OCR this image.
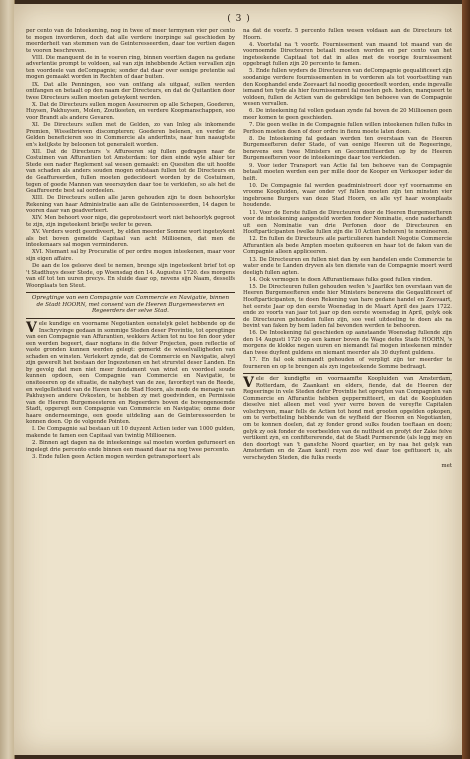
( 3 )

per cento van de Inteekening, nog in twee of meer termynen vier per cento te mogen invorderen, doch dat alle verdere inorpinge sal geschieden by meerderheit van stemmen van de Geinteresseerden, daar toe vertien dagen te vooren beschreven.

VIII. Die manquent de in te voeren ring, binnen veertien dagen na gedane advertentie prompt te voldoen, sal van zijn inhebbende Actien vervallen zijn ten voordeele van deCompagnie; sonder dat daar over eenige pretentie sal mogen gemaakt worden in Rechten of daar buiten.

IX. Dat alle Penningen, soo van ontfang als uitgaaf, sullen werden ontfangen en betaalt op den naam der Directeurs, en dat de Quitantien door twee Directeurs sullen moeten geteykent werden.

X. Dat de Directeurs sullen mogen Assureeren op alle Schepen, Goederen, Huysen, Pakhuysen, Molen, Zoutkeeten, en verdere Koopmanschappen, soo voor Brandt als andere Gevaren.

XI. De Directeurs sullen met de Gelden, zo van Inleg als inkomende Premien, Wisselbrieven discompteren; Goederen belenen, en verder de Gelden beneficieren soo in Commercie als anderfints, naar hun naaugtste en's kelijkste by beloonen tot generaleit worden.

XII. Dat de Directeurs 's Affureeren sig fullen gedragen naar de Costuimen van Affurantien tot Amsterdam: tor dien einde wyle alhier ter Stede een nader Reglement sal wesen gemaakt: en Quesiten die uit hoofde van schaden als anders souden mogen ontstaan fullen tot de Directeurs en de Geaffureerden, fullen moeten gedecideert worden by de Costuimen, tegen of goede Mannen van weerszyden daar toe te verkiefen, so als het de Geaffureerde best sal oordeelen.

XIII. De Directeurs sullen alle jaren gehouden zijn te doen behoorlyke Rekening van haar Administratie aan alle de Geinteresseerden, 14 dagen te vooren daar van geadverteert.

XIV. Men behoort voor nige, die geprotesteert wort niet behoorlyk gegroot te zijn, zijn ingeteekent briefje wefer te geven.

XV. Verders wordt geordiveert, by elden meerder Somme wort ingeteykent als bet boven gemelde Capitaal van acht Millioenen, dat men de inteekenaars sal mogen verminderen.

XVI. Niemant sal by Procuratie of per ordre mogen inteekenen, maar voor sijn eigen affaire.

De aan de los geleeve deel te nemen, brenge sijn ingeteekent brief tot op 't Stadthuys deser Stede, op Woensdag den 14. Augustus 1720. des morgens van elf tot ten uuren precys. En sluide daar op, nevens sijn Naam, desselfs Woonplaats ten Steut.

Opregtinge van een Compagnie van Commercie en Navigatie, binnen de Stadt HOORN, met consent van de Heeren Burgemeesteren en Regeerders der selve Stad.

Vele kundige en voorname Negotianten eenstelyk gelet hebbende op de Inschryvinge gedaan in sommige Steden deser Provintie, tot opregtinge van een Compagnie van Affurantien, wekkers Actien tot nu toe fen door yder een werden begeert, daar nogtans in die felver Projecten, geen reflectie of vaste gronden kunnen werden gelegt: gemerkt de wisselvalligheden van schaden en winsten. Verlekert zynde, dat de Commercie en Navigatie, alwyl zijn gewerelt het bestaan der Ingezetenen en het strurstel deser Landen. En by gevolg dat men niet meer fondament van winst en voordeel soude kunnen opdoen, een Compagnie van Commercie en Navigatie, te onsiteeeren op de situatie, de nabyheyt van de zee, favoriteyt van de Reede, en welgelletheid van de Haven van de Stad Hoorn, als mede de menagie van Pakhuysen andere Ovkosten, te hebben zy met goedvinden, en Permissie van de Heeren Burgemeesteren en Regeerders boven de bovengenoemde Stadt, opgeregt een Compagnie van Commercie en Navigatie; omme door haare onderneeminge, een goede uitdeling aan de Geinteresseerden te konnen doen. Op de volgende Pointen.

I. De Compagnie sal bestaan uit 10 duyzent Actien ieder van 1000 gulden, makende te famen een Capitaal van twintig Millioenen.

2. Binnen agt dagen na de inteekeninge sal moeten worden gefurneert en ingelegt drie percento ende binnen een maand daar na nog twee percento.

3. Ende fullen geen Actien mogen werden getransporteert als

na dat de voorfz. 5 percento fullen wesen voldaan aan de Directeurs tot Hoorn.

4. Voortsfal na 't voorfz. Fournissement van maand tot maand van de voornoemde Directeuren betaalt moeten worden en per cento van het ingeteekende Capitaal tot dat in alles met de voorige fournissement opgebragt fullen zijn 20 percento te famen.

5. Ende fullen wyders de Directeuren van deCompagnie gequalificeert zijn soodanige verdere fournissementen in te vorderen als tot voortsetting van den Koophandel ende Zeevaart fal noodig geoordeelt worden, ende ingevalle iemand ten tyde als hier fournissement fal moeten geh. heden, manqueert te voldoen, fullen de Actien van de gebreklige ten behoeve van de Compagnie wesen vervallen.

6. De inteekening fal vollen gedaan zynde fal boven de 20 Millioenen geen meer komen te geen geschieden.

7. Die geen welke in de Compagnie fullen willen inteekenen fullen fulks in Perfoon moeten doen of door ordre in fienu moete laten doen.

8. De Inteekening fal gedaan werden ten overstaan van de Heeren Burgemeefteren defer Stade, of van eenige Heeren uit de Regeeringe, benevens een twee Ministers en Gecommitteerden op by de Heeren Burgemeefteren voor de inteekeninge daar toe verkieden.

9. Voor ieder Transport van Actie fal ten behoeve van de Compagnie betaalt moeten werden een per mille door de Kooper en Verkooper ieder de helft.

10. De Compagnie fal werden geadministreert door vyf voornamme en vroome Koopluiden, waar onder vyf fullen moeten zijn ten minsten vier ingebroene Burgers van deze Stad Hoorn, en alle vyf haar woonplaats houdende.

11. Voor de Eerste fullen de Directeuren door de Heeren Burgemeefteren voor de inteekening aangesteld worden fonder Nominatie, ende naderhandt uit een Nominatie van drie Perfonen door de Directeuren en Hooftparticipanten (welke fullen zijn die 10 Actien behoren) te nomineeren.

12. En fullen de Directeurs aile particulieren handelt Negotie Commercie Affurantien als bede Ampten moeten quiteeren en haar tot de faken van de Compagnie alleen appliceeren.

13. De Directeuren en fullen niet dan by een handelen ende Commercie te water ende te Landen dryven als ten dienste van de Compagnie moert werd deeligh fullen agten.

14. Ook vermogen te doen Affurantiemaas fulks goed fullen vinden.

15. De Directeuren fullen gehouden wefen 's Jaarlikx ten overstaan van de Heeren Burgemeefteren ende hier Ministers benevens die Geqaulificeert of Hooftparticipanten, te doen Rekening van hare gedane handel en Zeevaart, het eerste Jaar op den eerste Woensdag in de Maart April des jaars 1722. ende zo voorts van jaar tot jaar op den eerste woensdag in April, gelyk ook de Directeuren gehouden fullen zijn, soo veel uitdeeling te doen als na bevint van faken by hem laden fal bevonden werden te behooren.

16. De Inteekening fal geschieden op aanstaande Woensdag fullende zijn den 14 Augusti 1720 op een kamer boven de Wage defes Stads HOORN, 's morgens de klokke negen uuren en niemandt fal mogen inteekenen minder dan twee duyfent guldens en niemant meerder als 30 duyfent guldens.

17. En fal ook niemandt gehouden of verpligt zijn ter meerder te fourneren en op te brengen als zyn ingeteekende Somme bedraagt.

Vele der kundigfte en voornaamfte Koopluiden van Amsterdam, Rotterdam, de Zaankant en elders, fiende, dat de Heeren der Regeeringe in vele Steden defer Provintie het opregten van Compagnien van Commercie en Affurantie hebben geppermitteert, en dat de Koopluiden dieselve niet alleen met veel yver verre boven de vereyfte Capitalen volschryven, maar fells de Actien tot hond met grooten opgelden opkopen, om te verbetteling hebbende van de wyfheid der Heeren en Negotianten, om te konnen doelen, dat zy fonder grond sulks fouden toeftaan en doen; gelyk zy ook fonder de voorbeelden van de nuttheid en profyt der Zake felve vertikent zyn, en confiftererende, dat de Stadt Purmerende (als legg mey en den doortogt van 't gansfche Noord quartier, en by naa het gelyk van Amsterdam en de Zaan kant) ruym zoo wel daar toe gefitueert is, als verscheyden Steden, die fulks reeds

met
